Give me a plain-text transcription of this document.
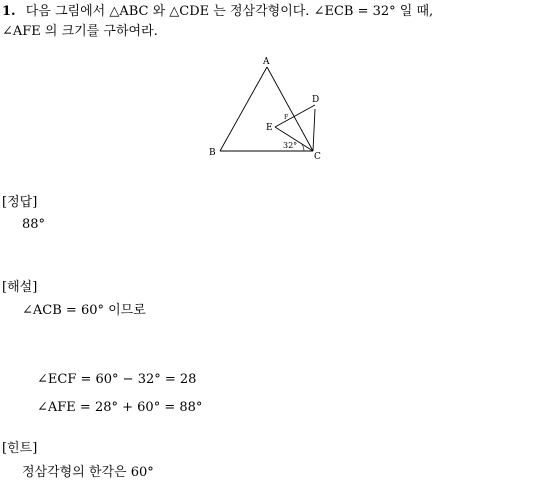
1. 다음 그림에서 △ABC 와 △CDE 는 정삼각형이다. ∠ECB = 32° 일 때,
∠AFE 의 크기를 구하여라.
A
B	C
D
E
F
32°
[정답]
88°
[해설]
∠ACB = 60° 이므로
∠ECF = 60° − 32° = 28
∠AFE = 28° + 60° = 88°
[힌트]
정삼각형의 한각은 60°
